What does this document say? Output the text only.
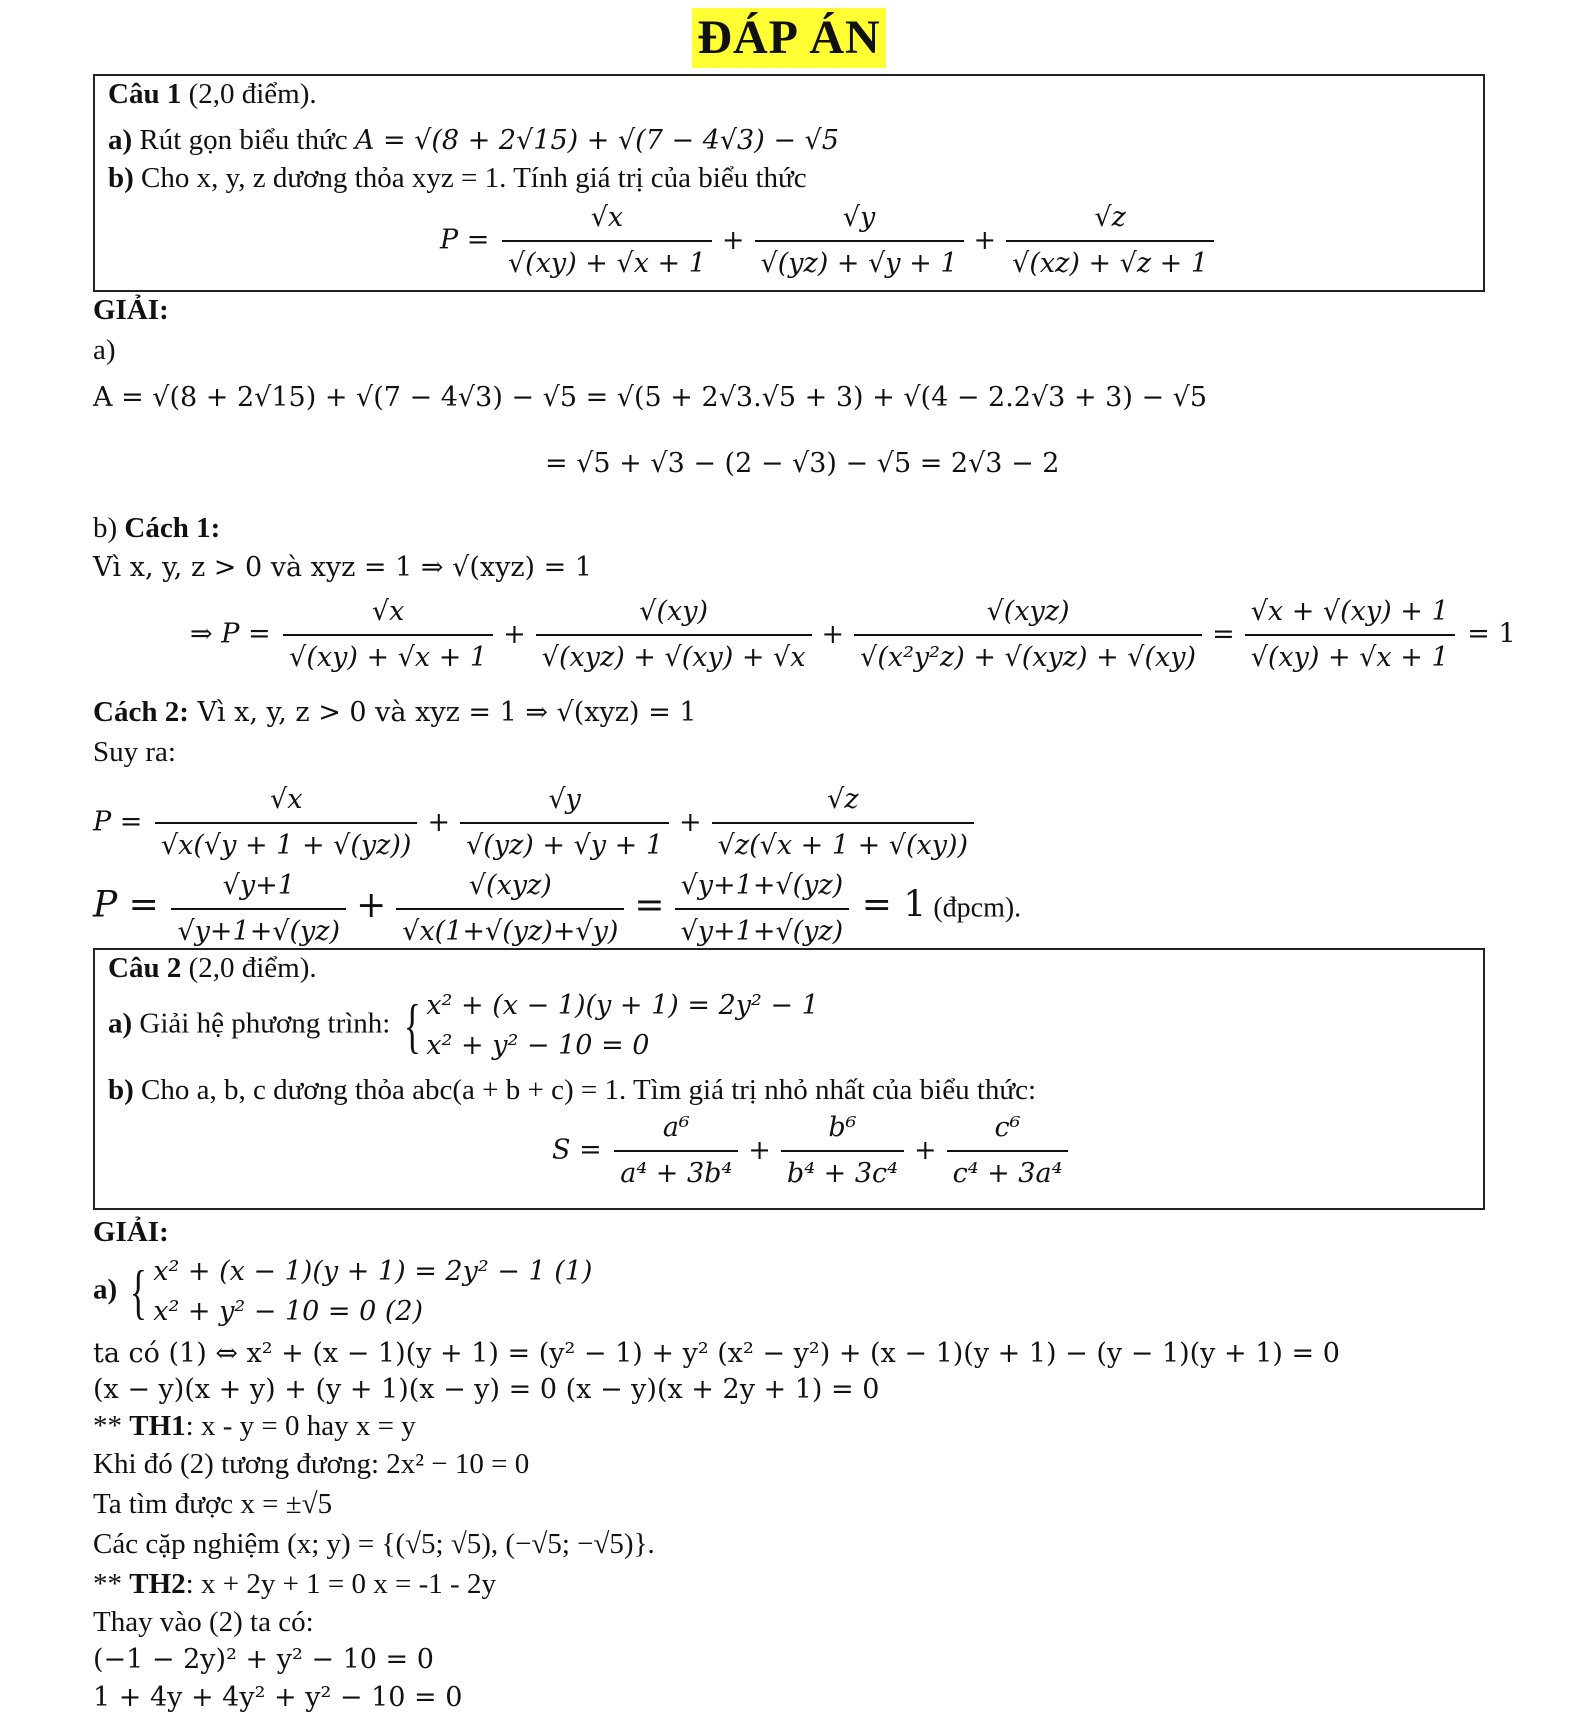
ĐÁP ÁN
Câu 1 (2,0 điểm).
a) Rút gọn biểu thức A = √(8 + 2√15) + √(7 − 4√3) − √5
b) Cho x, y, z dương thỏa xyz = 1. Tính giá trị của biểu thức
$P = \frac{√x}{√(xy) + √x + 1} + \frac{√y}{√(yz) + √y + 1} + \frac{√z}{√(xz) + √z + 1}$
GIẢI:
a)
A = √(8 + 2√15) + √(7 − 4√3) − √5 = √(5 + 2√3.√5 + 3) + √(4 − 2.2√3 + 3) − √5
= √5 + √3 − (2 − √3) − √5 = 2√3 − 2
b) Cách 1:
Vì x, y, z > 0 và xyz = 1 ⇒ √(xyz) = 1
⇒ $P = \frac{√x}{√(xy) + √x + 1} + \frac{√(xy)}{\text{√(xyz) + √(xy) + √x}} + \frac{\text{√(xyz)}}{\text{√(x²y²z) + √(xyz) + √(xy)}} = \frac{√x + √(xy) + 1}{√(xy) + √x + 1} = 1$
Cách 2: Vì x, y, z > 0 và xyz = 1 ⇒ √(xyz) = 1
Suy ra:
$P = \frac{√x}{√x(√y + 1 + √(yz))} + \frac{√y}{√(yz) + √y + 1} + \frac{√z}{√z(√x + 1 + √(xy))}$
$P = \frac{√y+1}{√y+1+√(yz)} + \frac{\text{√(xyz)}}{√x(1+√(yz)+√y)} = \frac{√y+1+√(yz)}{√y+1+√(yz)} = 1$ (đpcm).
Câu 2 (2,0 điểm).
a) Giải hệ phương trình: { x² + (x − 1)(y + 1) = 2y² − 1
x² + y² − 10 = 0
b) Cho a, b, c dương thỏa abc(a + b + c) = 1. Tìm giá trị nhỏ nhất của biểu thức:
$S = \frac{\text{a⁶}}{\text{a⁴ + 3b⁴}} + \frac{\text{b⁶}}{\text{b⁴ + 3c⁴}} + \frac{\text{c⁶}}{\text{c⁴ + 3a⁴}}$
GIẢI:
a) { x² + (x − 1)(y + 1) = 2y² − 1 (1)
x² + y² − 10 = 0 (2)
ta có (1) ⇔ x² + (x − 1)(y + 1) = (y² − 1) + y² (x² − y²) + (x − 1)(y + 1) − (y − 1)(y + 1) = 0
(x − y)(x + y) + (y + 1)(x − y) = 0 (x − y)(x + 2y + 1) = 0
** TH1: x - y = 0 hay x = y
Khi đó (2) tương đương: 2x² − 10 = 0
Ta tìm được x = ±√5
Các cặp nghiệm (x; y) = {(√5; √5), (−√5; −√5)}.
** TH2: x + 2y + 1 = 0 x = -1 - 2y
Thay vào (2) ta có:
(−1 − 2y)² + y² − 10 = 0
1 + 4y + 4y² + y² − 10 = 0
